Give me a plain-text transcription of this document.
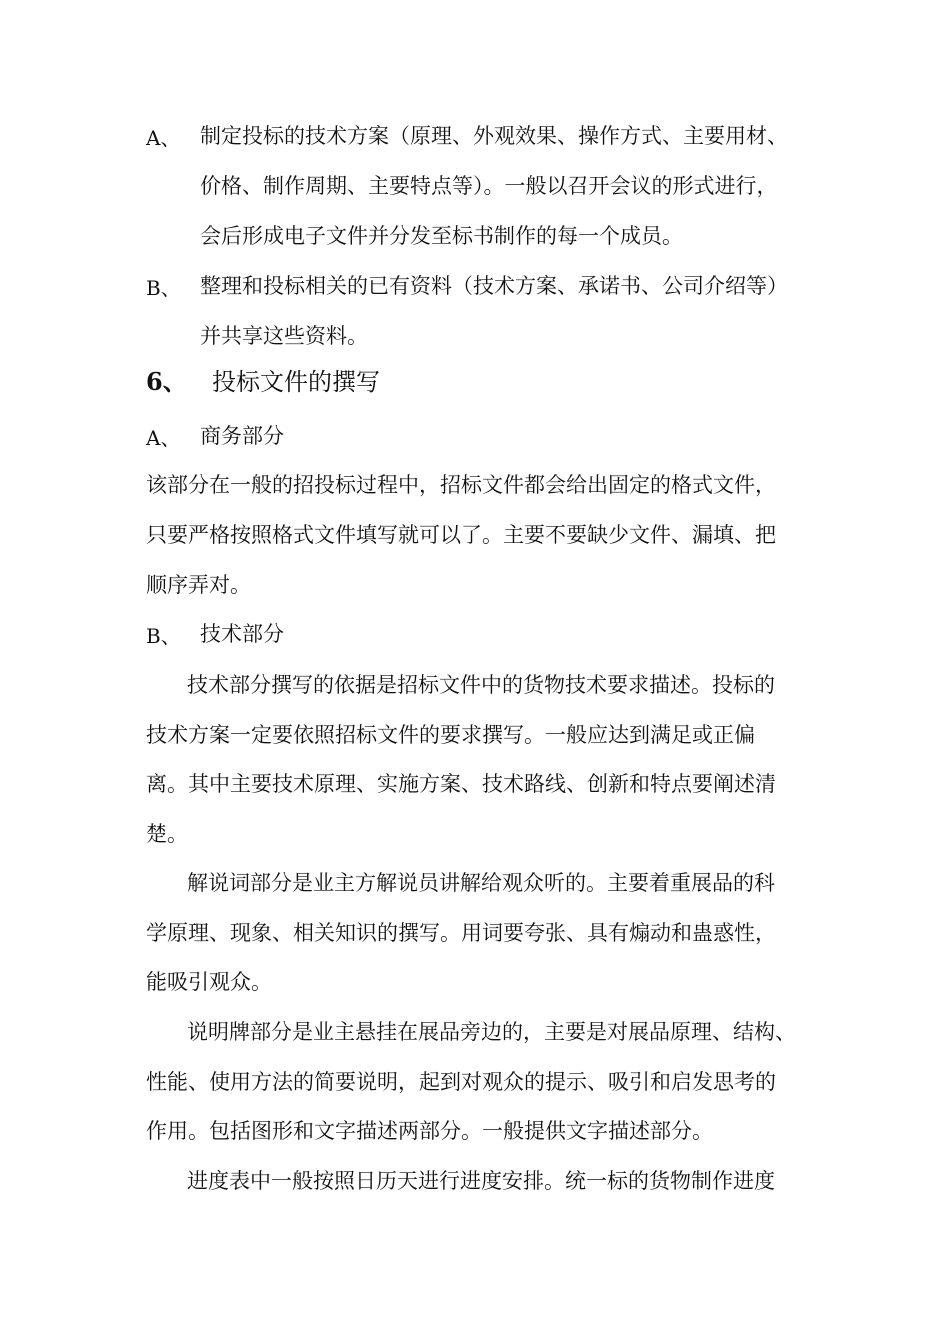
A、 制定投标的技术方案（原理、外观效果、操作方式、主要用材、
价格、制作周期、主要特点等）。一般以召开会议的形式进行，
会后形成电子文件并分发至标书制作的每一个成员。
B、 整理和投标相关的已有资料（技术方案、承诺书、公司介绍等）
并共享这些资料。
6、 投标文件的撰写
A、 商务部分
该部分在一般的招投标过程中，招标文件都会给出固定的格式文件，
只要严格按照格式文件填写就可以了。主要不要缺少文件、漏填、把
顺序弄对。
B、 技术部分
技术部分撰写的依据是招标文件中的货物技术要求描述。投标的
技术方案一定要依照招标文件的要求撰写。一般应达到满足或正偏
离。其中主要技术原理、实施方案、技术路线、创新和特点要阐述清
楚。
解说词部分是业主方解说员讲解给观众听的。主要着重展品的科
学原理、现象、相关知识的撰写。用词要夸张、具有煽动和蛊惑性，
能吸引观众。
说明牌部分是业主悬挂在展品旁边的，主要是对展品原理、结构、
性能、使用方法的简要说明，起到对观众的提示、吸引和启发思考的
作用。包括图形和文字描述两部分。一般提供文字描述部分。
进度表中一般按照日历天进行进度安排。统一标的货物制作进度
